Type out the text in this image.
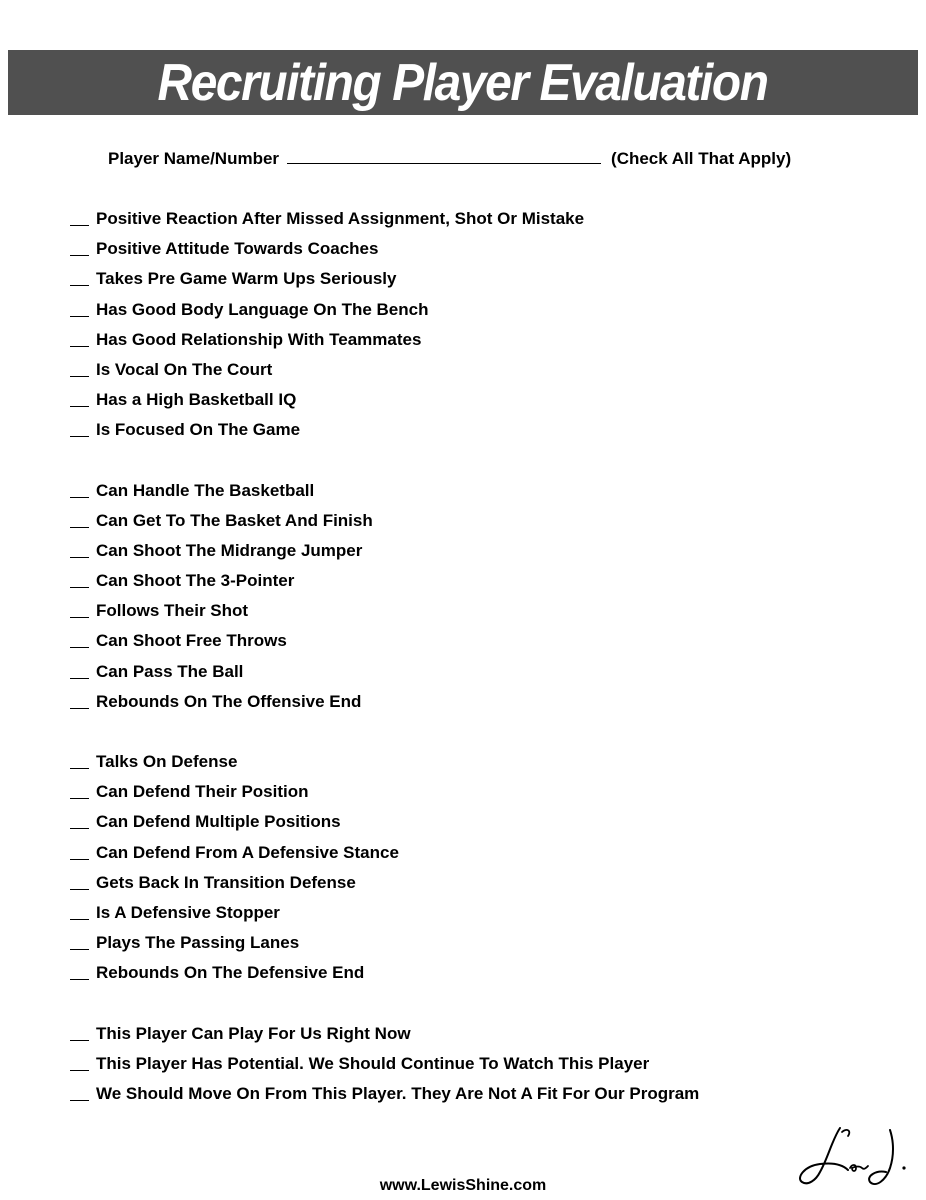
Recruiting Player Evaluation
Player Name/Number	(Check All That Apply)
Positive Reaction After Missed Assignment, Shot Or Mistake
Positive Attitude Towards Coaches
Takes Pre Game Warm Ups Seriously
Has Good Body Language On The Bench
Has Good Relationship With Teammates
Is Vocal On The Court
Has a High Basketball IQ
Is Focused On The Game
Can Handle The Basketball
Can Get To The Basket And Finish
Can Shoot The Midrange Jumper
Can Shoot The 3-Pointer
Follows Their Shot
Can Shoot Free Throws
Can Pass The Ball
Rebounds On The Offensive End
Talks On Defense
Can Defend Their Position
Can Defend Multiple Positions
Can Defend From A Defensive Stance
Gets Back In Transition Defense
Is A Defensive Stopper
Plays The Passing Lanes
Rebounds On The Defensive End
This Player Can Play For Us Right Now
This Player Has Potential. We Should Continue To Watch This Player
We Should Move On From This Player. They Are Not A Fit For Our Program
www.LewisShine.com
